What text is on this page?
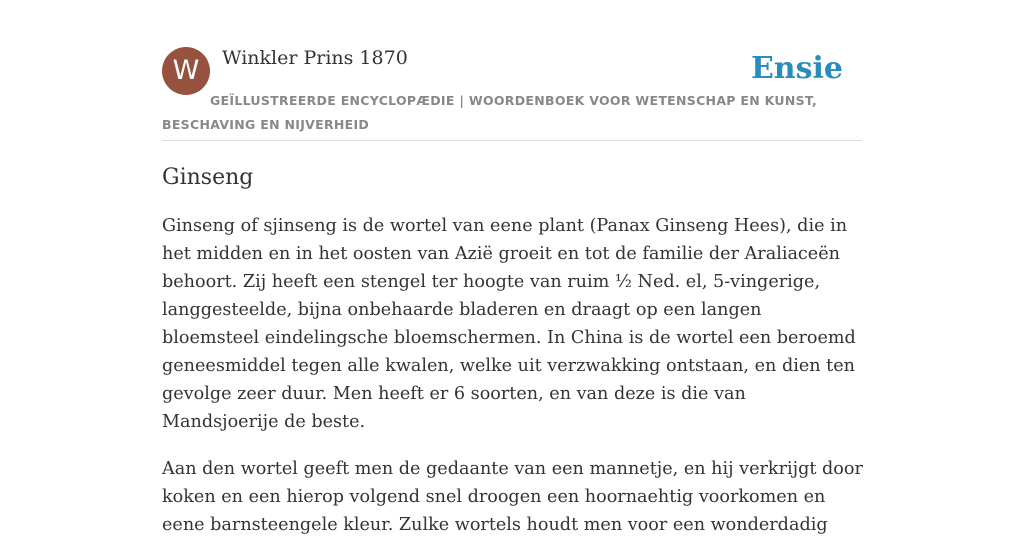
W	Winkler Prins 1870	Ensie
GEÏLLUSTREERDE ENCYCLOPÆDIE | WOORDENBOEK VOOR WETENSCHAP EN KUNST, BESCHAVING EN NIJVERHEID
Ginseng

Ginseng of sjinseng is de wortel van eene plant (Panax Ginseng Hees), die in het midden en in het oosten van Azië groeit en tot de familie der Araliaceën behoort. Zij heeft een stengel ter hoogte van ruim ½ Ned. el, 5-vingerige, langgesteelde, bijna onbehaarde bladeren en draagt op een langen bloemsteel eindelingsche bloemschermen. In China is de wortel een beroemd geneesmiddel tegen alle kwalen, welke uit verzwakking ontstaan, en dien ten gevolge zeer duur. Men heeft er 6 soorten, en van deze is die van Mandsjoerije de beste.

Aan den wortel geeft men de gedaante van een mannetje, en hij verkrijgt door koken en een hierop volgend snel droogen een hoornaehtig voorkomen en eene barnsteengele kleur. Zulke wortels houdt men voor een wonderdadig
